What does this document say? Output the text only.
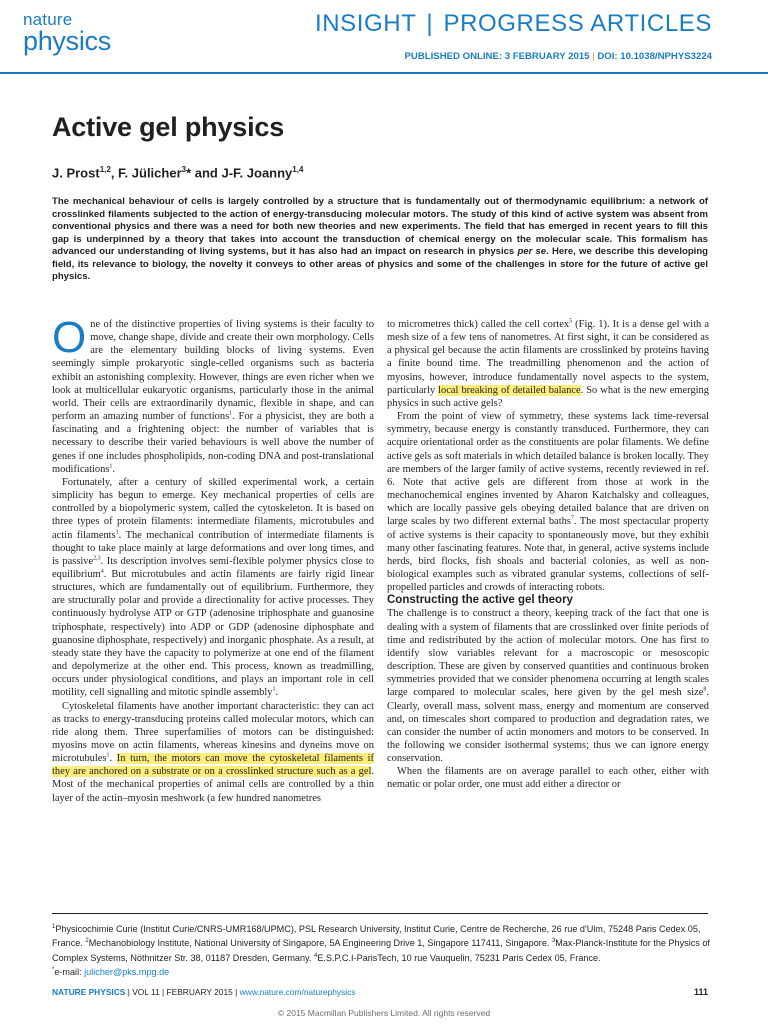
nature
physics
INSIGHT | PROGRESS ARTICLES
PUBLISHED ONLINE: 3 FEBRUARY 2015 | DOI: 10.1038/NPHYS3224
Active gel physics
J. Prost$^{1,2}$, F. Jülicher$^3$* and J-F. Joanny$^{1,4}$
The mechanical behaviour of cells is largely controlled by a structure that is fundamentally out of thermodynamic equilibrium: a network of crosslinked filaments subjected to the action of energy-transducing molecular motors. The study of this kind of active system was absent from conventional physics and there was a need for both new theories and new experiments. The field that has emerged in recent years to fill this gap is underpinned by a theory that takes into account the transduction of chemical energy on the molecular scale. This formalism has advanced our understanding of living systems, but it has also had an impact on research in physics per se. Here, we describe this developing field, its relevance to biology, the novelty it conveys to other areas of physics and some of the challenges in store for the future of active gel physics.

One of the distinctive properties of living systems is their faculty to move, change shape, divide and create their own morphology. Cells are the elementary building blocks of living systems. Even seemingly simple prokaryotic single-celled organisms such as bacteria exhibit an astonishing complexity. However, things are even richer when we look at multicellular eukaryotic organisms, particularly those in the animal world. Their cells are extraordinarily dynamic, flexible in shape, and can perform an amazing number of functions$^1$. For a physicist, they are both a fascinating and a frightening object: the number of variables that is necessary to describe their varied behaviours is well above the number of genes if one includes phospholipids, non-coding DNA and post-translational modifications$^1$.

Fortunately, after a century of skilled experimental work, a certain simplicity has begun to emerge. Key mechanical properties of cells are controlled by a biopolymeric system, called the cytoskeleton. It is based on three types of protein filaments: intermediate filaments, microtubules and actin filaments$^1$. The mechanical contribution of intermediate filaments is thought to take place mainly at large deformations and over long times, and is passive$^{2,3}$. Its description involves semi-flexible polymer physics close to equilibrium$^4$. But microtubules and actin filaments are fairly rigid linear structures, which are fundamentally out of equilibrium. Furthermore, they are structurally polar and provide a directionality for active processes. They continuously hydrolyse ATP or GTP (adenosine triphosphate and guanosine triphosphate, respectively) into ADP or GDP (adenosine diphosphate and guanosine diphosphate, respectively) and inorganic phosphate. As a result, at steady state they have the capacity to polymerize at one end of the filament and depolymerize at the other end. This process, known as treadmilling, occurs under physiological conditions, and plays an important role in cell motility, cell signalling and mitotic spindle assembly$^1$.

Cytoskeletal filaments have another important characteristic: they can act as tracks to energy-transducing proteins called molecular motors, which can ride along them. Three superfamilies of motors can be distinguished: myosins move on actin filaments, whereas kinesins and dyneins move on microtubules$^1$. In turn, the motors can move the cytoskeletal filaments if they are anchored on a substrate or on a crosslinked structure such as a gel. Most of the mechanical properties of animal cells are controlled by a thin layer of the actin–myosin meshwork (a few hundred nanometres

to micrometres thick) called the cell cortex$^5$ (Fig. 1). It is a dense gel with a mesh size of a few tens of nanometres. At first sight, it can be considered as a physical gel because the actin filaments are crosslinked by proteins having a finite bound time. The treadmilling phenomenon and the action of myosins, however, introduce fundamentally novel aspects to the system, particularly local breaking of detailed balance. So what is the new emerging physics in such active gels?

From the point of view of symmetry, these systems lack time-reversal symmetry, because energy is constantly transduced. Furthermore, they can acquire orientational order as the constituents are polar filaments. We define active gels as soft materials in which detailed balance is broken locally. They are members of the larger family of active systems, recently reviewed in ref. 6. Note that active gels are different from those at work in the mechanochemical engines invented by Aharon Katchalsky and colleagues, which are locally passive gels obeying detailed balance that are driven on large scales by two different external baths$^7$. The most spectacular property of active systems is their capacity to spontaneously move, but they exhibit many other fascinating features. Note that, in general, active systems include herds, bird flocks, fish shoals and bacterial colonies, as well as non-biological examples such as vibrated granular systems, collections of self-propelled particles and crowds of interacting robots.

Constructing the active gel theory

The challenge is to construct a theory, keeping track of the fact that one is dealing with a system of filaments that are crosslinked over finite periods of time and redistributed by the action of molecular motors. One has first to identify slow variables relevant for a macroscopic or mesoscopic description. These are given by conserved quantities and continuous broken symmetries provided that we consider phenomena occurring at length scales large compared to molecular scales, here given by the gel mesh size$^8$. Clearly, overall mass, solvent mass, energy and momentum are conserved and, on timescales short compared to production and degradation rates, we can consider the number of actin monomers and motors to be conserved. In the following we consider isothermal systems; thus we can ignore energy conservation.

When the filaments are on average parallel to each other, either with nematic or polar order, one must add either a director or

$^1$Physicochimie Curie (Institut Curie/CNRS-UMR168/UPMC), PSL Research University, Institut Curie, Centre de Recherche, 26 rue d'Ulm, 75248 Paris Cedex 05, France. $^2$Mechanobiology Institute, National University of Singapore, 5A Engineering Drive 1, Singapore 117411, Singapore. $^3$Max-Planck-Institute for the Physics of Complex Systems, Nöthnitzer Str. 38, 01187 Dresden, Germany. $^4$E.S.P.C.I-ParisTech, 10 rue Vauquelin, 75231 Paris Cedex 05, France.
*e-mail: julicher@pks.mpg.de
NATURE PHYSICS | VOL 11 | FEBRUARY 2015 | www.nature.com/naturephysics	111
© 2015 Macmillan Publishers Limited. All rights reserved
